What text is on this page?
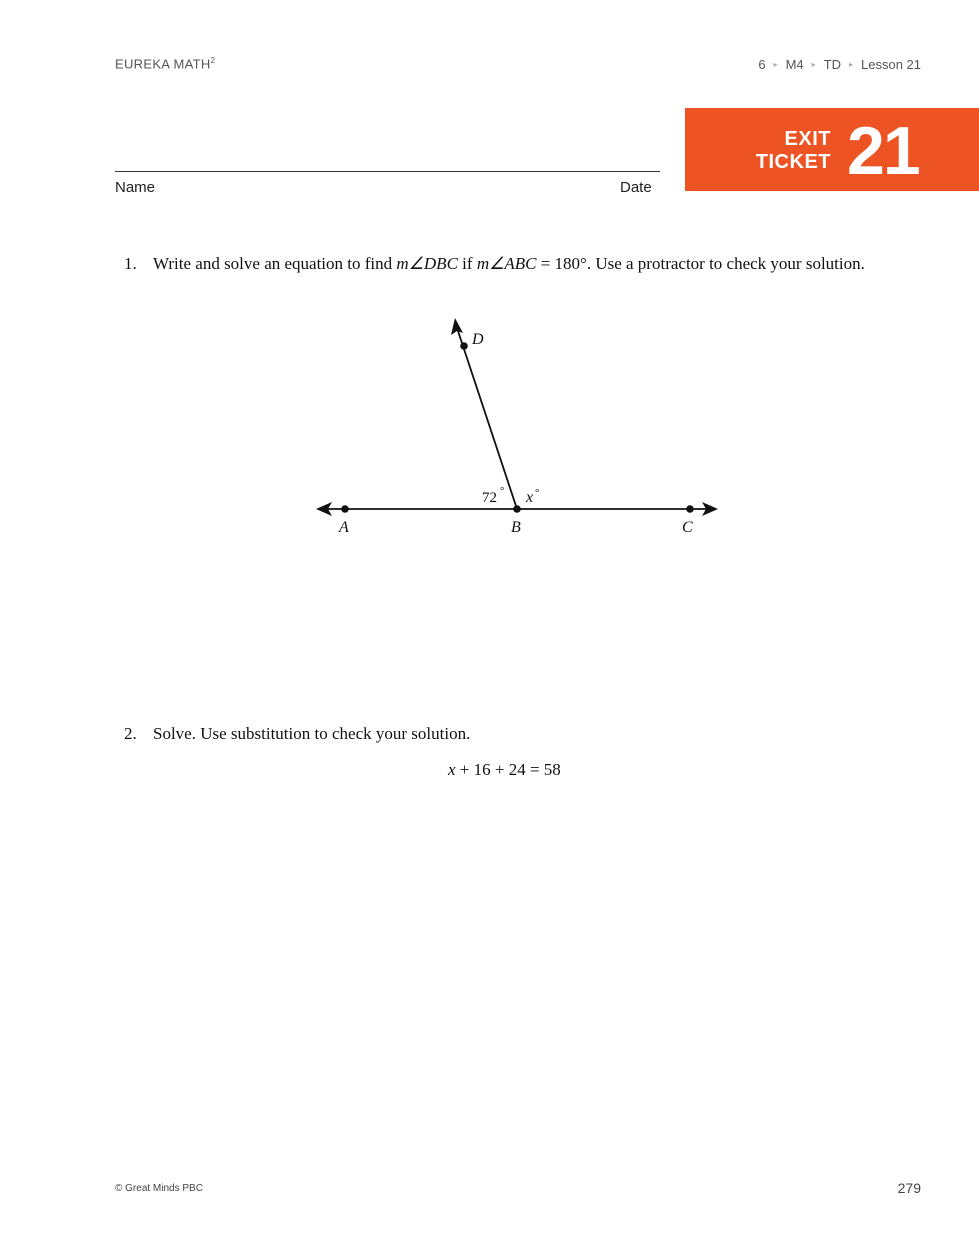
EUREKA MATH$^2$	6 ▸ M4 ▸ TD ▸ Lesson 21
Name	Date
EXIT
TICKET 21
1. Write and solve an equation to find m∠DBC if m∠ABC = 180°. Use a protractor to check your solution.
A	B	C
D
72 ° x °
2. Solve. Use substitution to check your solution.
x + 16 + 24 = 58
© Great Minds PBC	279
